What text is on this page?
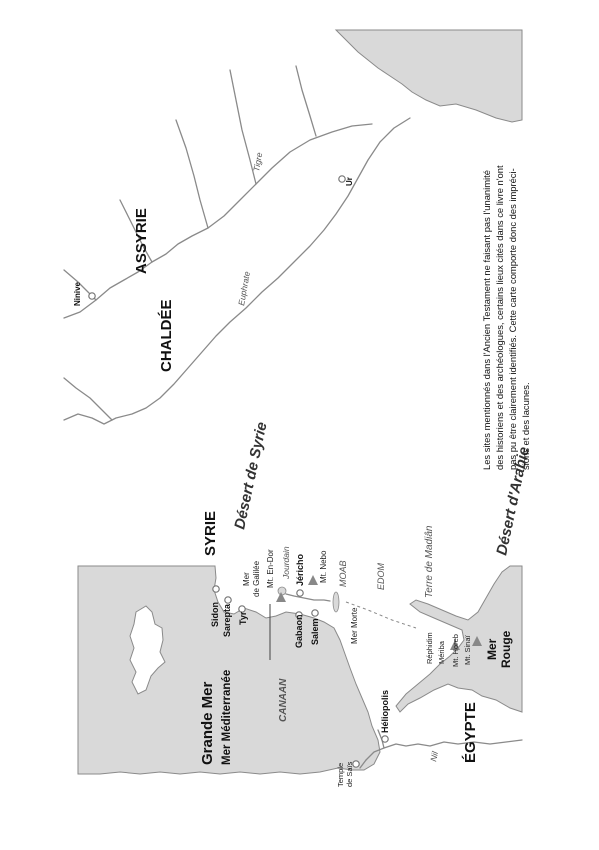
Grande Mer Mer Méditerranée
Mer de Galilée
Mer Morte
Mer Rouge
SYRIE
ASSYRIE
CHALDÉE
ÉGYPTE
CANAAN
MOAB	EDOM	Terre de Madiân
Désert de Syrie	Désert d'Arabie
Tigre
Euphrate
Jourdain
Nil
Sidon Sarepta Tyr	Gabaon Salem
Jéricho
Ninive
Ur
Héliopolis
Temple de Saïs
Réphidim Mériba
Mt. En-Dor	Mt. Nebo
Mt. Horeb Mt. Sinaï
Les sites mentionnés dans l'Ancien Testament ne faisant pas l'unanimité des historiens et des archéologues, certains lieux cités dans ce livre n'ont pas pu être clairement identifiés. Cette carte comporte donc des impréci- sions et des lacunes.
